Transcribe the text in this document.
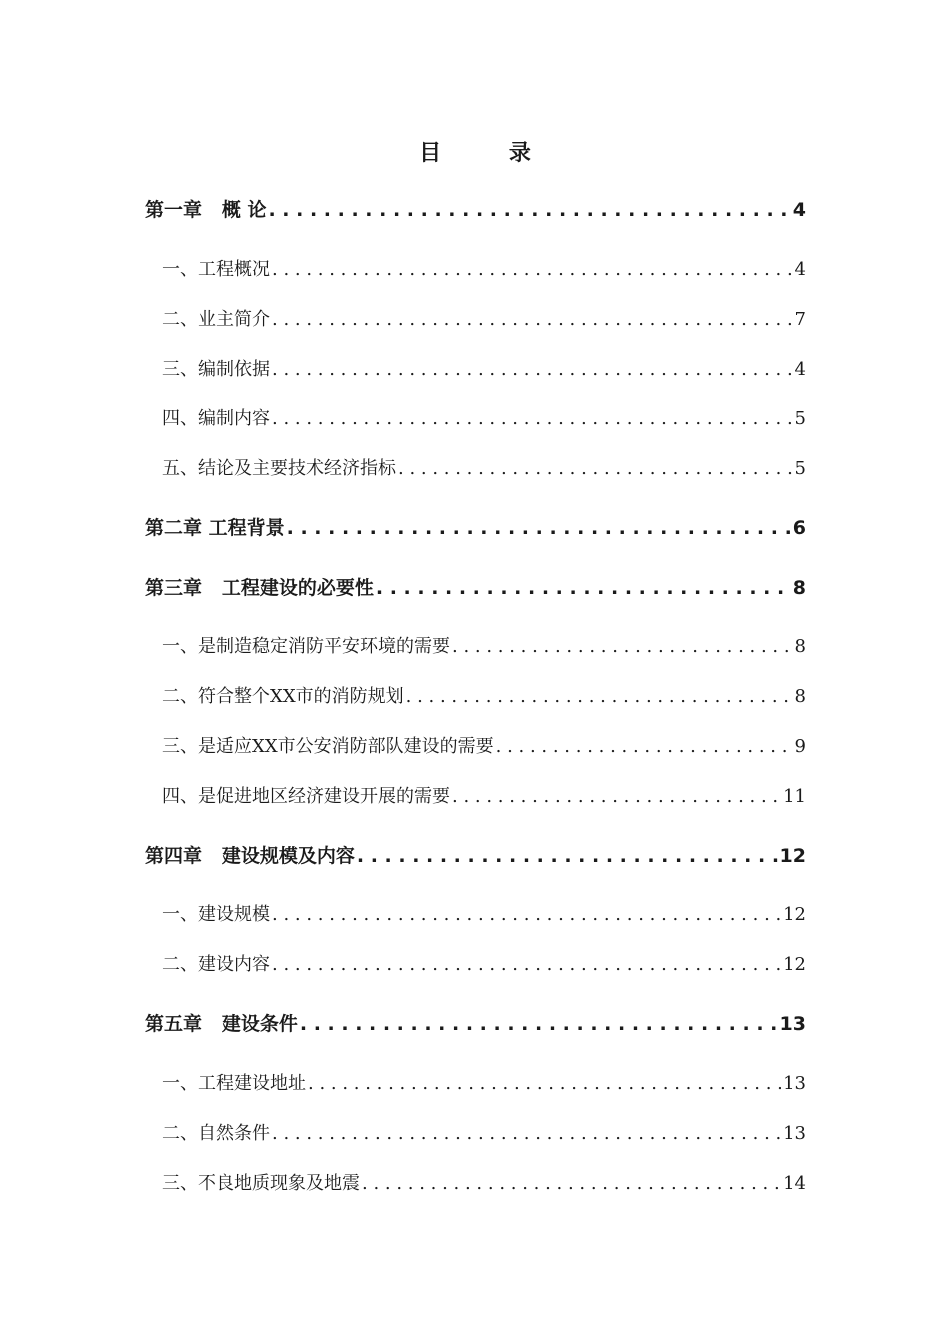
目 录
第一章   概 论 . . .	4
一、工程概况 . . .	4
二、业主简介 . . .	7
三、编制依据 . . .	4
四、编制内容 . . .	5
五、结论及主要技术经济指标 . . .	5
第二章 工程背景 . . .	6
第三章   工程建设的必要性 . . .	8
一、是制造稳定消防平安环境的需要 . . .	8
二、符合整个XX市的消防规划 . . .	8
三、是适应XX市公安消防部队建设的需要 . . .	9
四、是促进地区经济建设开展的需要 . . .	11
第四章   建设规模及内容 . . .	12
一、建设规模 . . .	12
二、建设内容 . . .	12
第五章   建设条件 . . .	13
一、工程建设地址 . . .	13
二、自然条件 . . .	13
三、不良地质现象及地震 . . .	14
